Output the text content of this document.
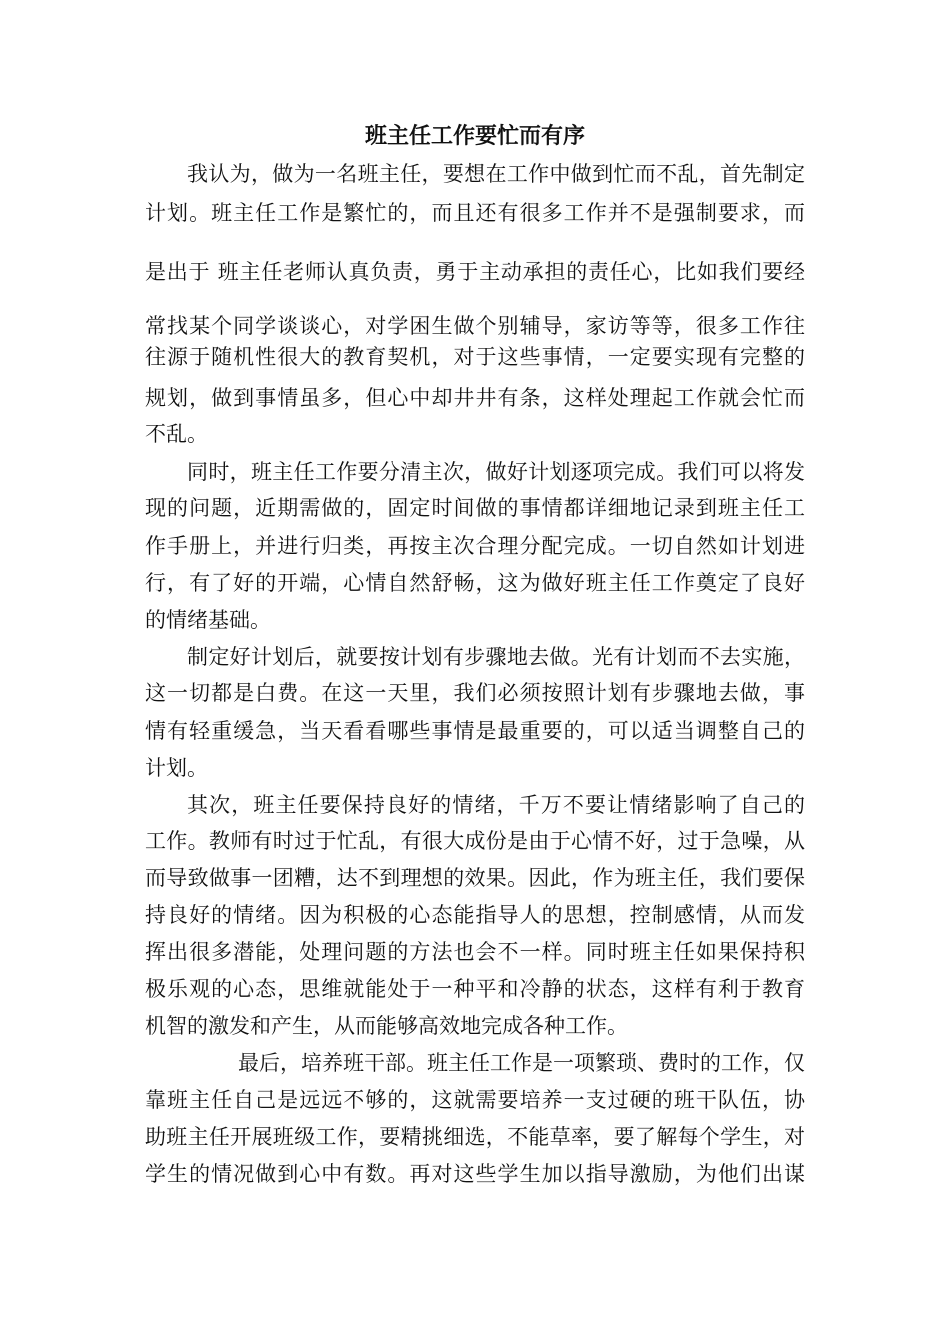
班主任工作要忙而有序
我认为，做为一名班主任，要想在工作中做到忙而不乱，首先制定
计划。班主任工作是繁忙的，而且还有很多工作并不是强制要求，而
是出于 班主任老师认真负责，勇于主动承担的责任心，比如我们要经
常找某个同学谈谈心，对学困生做个别辅导，家访等等，很多工作往
往源于随机性很大的教育契机，对于这些事情，一定要实现有完整的
规划，做到事情虽多，但心中却井井有条，这样处理起工作就会忙而
不乱。
同时，班主任工作要分清主次，做好计划逐项完成。我们可以将发
现的问题，近期需做的，固定时间做的事情都详细地记录到班主任工
作手册上，并进行归类，再按主次合理分配完成。一切自然如计划进
行，有了好的开端，心情自然舒畅，这为做好班主任工作奠定了良好
的情绪基础。
制定好计划后，就要按计划有步骤地去做。光有计划而不去实施，
这一切都是白费。在这一天里，我们必须按照计划有步骤地去做，事
情有轻重缓急，当天看看哪些事情是最重要的，可以适当调整自己的
计划。
其次，班主任要保持良好的情绪，千万不要让情绪影响了自己的
工作。教师有时过于忙乱，有很大成份是由于心情不好，过于急噪，从
而导致做事一团糟，达不到理想的效果。因此，作为班主任，我们要保
持良好的情绪。因为积极的心态能指导人的思想，控制感情，从而发
挥出很多潜能，处理问题的方法也会不一样。同时班主任如果保持积
极乐观的心态，思维就能处于一种平和冷静的状态，这样有利于教育
机智的激发和产生，从而能够高效地完成各种工作。
最后，培养班干部。班主任工作是一项繁琐、费时的工作，仅
靠班主任自己是远远不够的，这就需要培养一支过硬的班干队伍，协
助班主任开展班级工作，要精挑细选，不能草率，要了解每个学生，对
学生的情况做到心中有数。再对这些学生加以指导激励，为他们出谋
